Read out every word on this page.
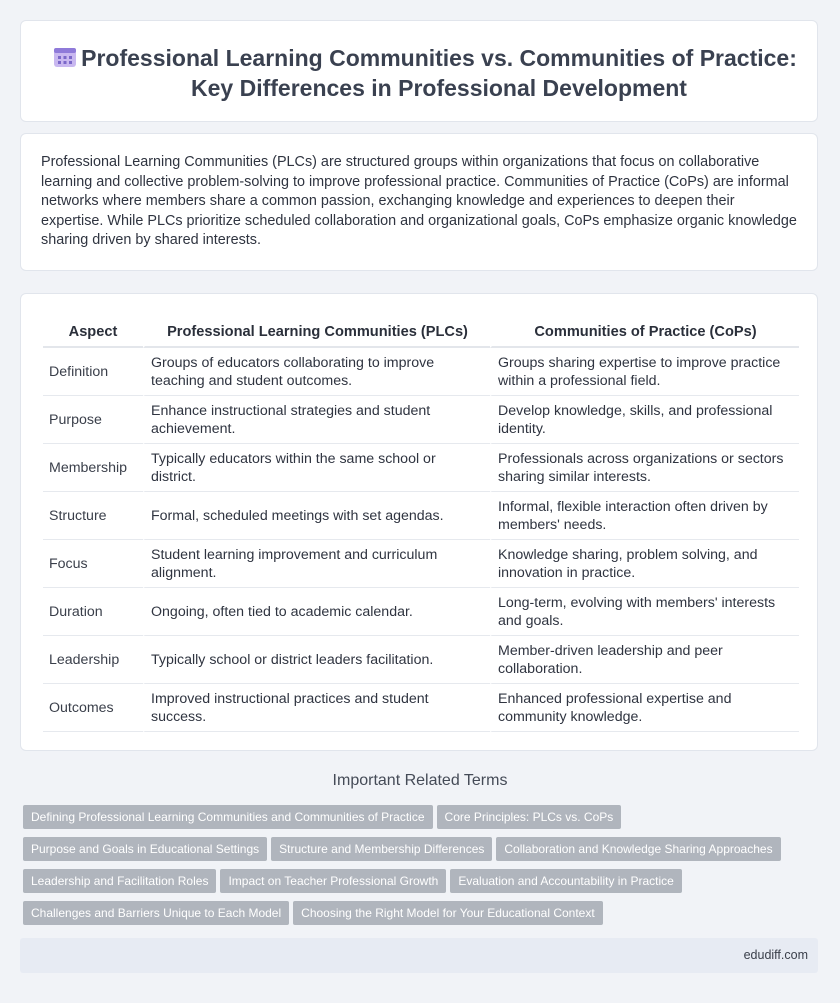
Professional Learning Communities vs. Communities of Practice: Key Differences in Professional Development

Professional Learning Communities (PLCs) are structured groups within organizations that focus on collaborative learning and collective problem-solving to improve professional practice. Communities of Practice (CoPs) are informal networks where members share a common passion, exchanging knowledge and experiences to deepen their expertise. While PLCs prioritize scheduled collaboration and organizational goals, CoPs emphasize organic knowledge sharing driven by shared interests.

Aspect	Professional Learning Communities (PLCs)	Communities of Practice (CoPs)
Definition	Groups of educators collaborating to improve teaching and student outcomes.	Groups sharing expertise to improve practice within a professional field.
Purpose	Enhance instructional strategies and student achievement.	Develop knowledge, skills, and professional identity.
Membership	Typically educators within the same school or district.	Professionals across organizations or sectors sharing similar interests.
Structure	Formal, scheduled meetings with set agendas.	Informal, flexible interaction often driven by members' needs.
Focus	Student learning improvement and curriculum alignment.	Knowledge sharing, problem solving, and innovation in practice.
Duration	Ongoing, often tied to academic calendar.	Long-term, evolving with members' interests and goals.
Leadership	Typically school or district leaders facilitation.	Member-driven leadership and peer collaboration.
Outcomes	Improved instructional practices and student success.	Enhanced professional expertise and community knowledge.
Important Related Terms
Defining Professional Learning Communities and Communities of Practice Core Principles: PLCs vs. CoPs
Purpose and Goals in Educational Settings Structure and Membership Differences Collaboration and Knowledge Sharing Approaches
Leadership and Facilitation Roles Impact on Teacher Professional Growth Evaluation and Accountability in Practice
Challenges and Barriers Unique to Each Model Choosing the Right Model for Your Educational Context
edudiff.com
